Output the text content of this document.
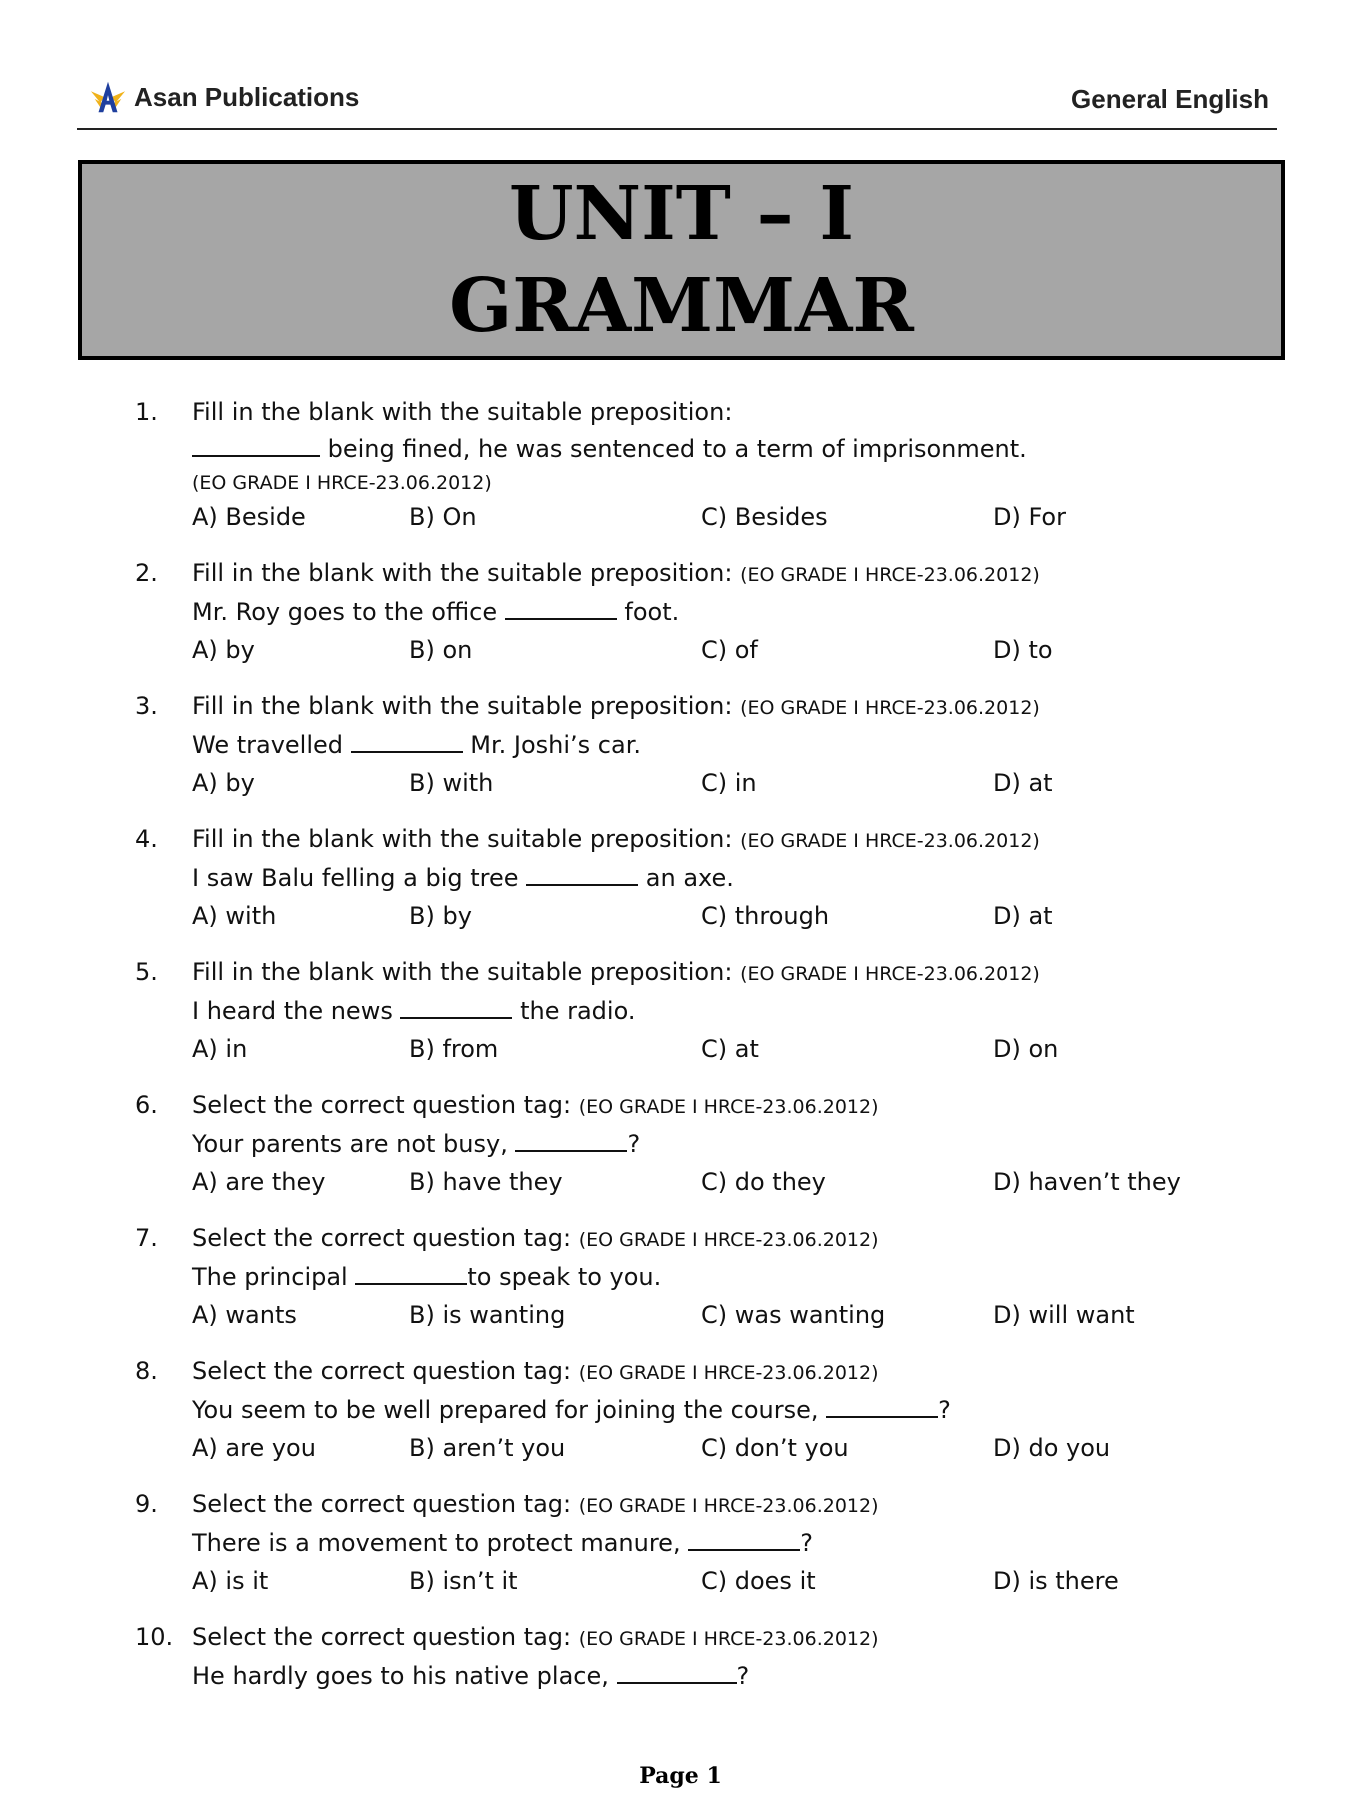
Asan Publications	General English
UNIT – I
GRAMMAR
1. Fill in the blank with the suitable preposition:
being fined, he was sentenced to a term of imprisonment.
(EO GRADE I HRCE-23.06.2012)
A) Beside	B) On	C) Besides	D) For
2. Fill in the blank with the suitable preposition: (EO GRADE I HRCE-23.06.2012)
Mr. Roy goes to the office	foot.
A) by	B) on	C) of	D) to
3. Fill in the blank with the suitable preposition: (EO GRADE I HRCE-23.06.2012)
We travelled	Mr. Joshi’s car.
A) by	B) with	C) in	D) at
4. Fill in the blank with the suitable preposition: (EO GRADE I HRCE-23.06.2012)
I saw Balu felling a big tree	an axe.
A) with	B) by	C) through	D) at
5. Fill in the blank with the suitable preposition: (EO GRADE I HRCE-23.06.2012)
I heard the news	the radio.
A) in	B) from	C) at	D) on
6. Select the correct question tag: (EO GRADE I HRCE-23.06.2012)
Your parents are not busy,	?
A) are they	B) have they	C) do they	D) haven’t they
7. Select the correct question tag: (EO GRADE I HRCE-23.06.2012)
The principal	to speak to you.
A) wants	B) is wanting	C) was wanting	D) will want
8. Select the correct question tag: (EO GRADE I HRCE-23.06.2012)
You seem to be well prepared for joining the course,	?
A) are you	B) aren’t you	C) don’t you	D) do you
9. Select the correct question tag: (EO GRADE I HRCE-23.06.2012)
There is a movement to protect manure,	?
A) is it	B) isn’t it	C) does it	D) is there
10. Select the correct question tag: (EO GRADE I HRCE-23.06.2012)
He hardly goes to his native place,	?
Page 1
